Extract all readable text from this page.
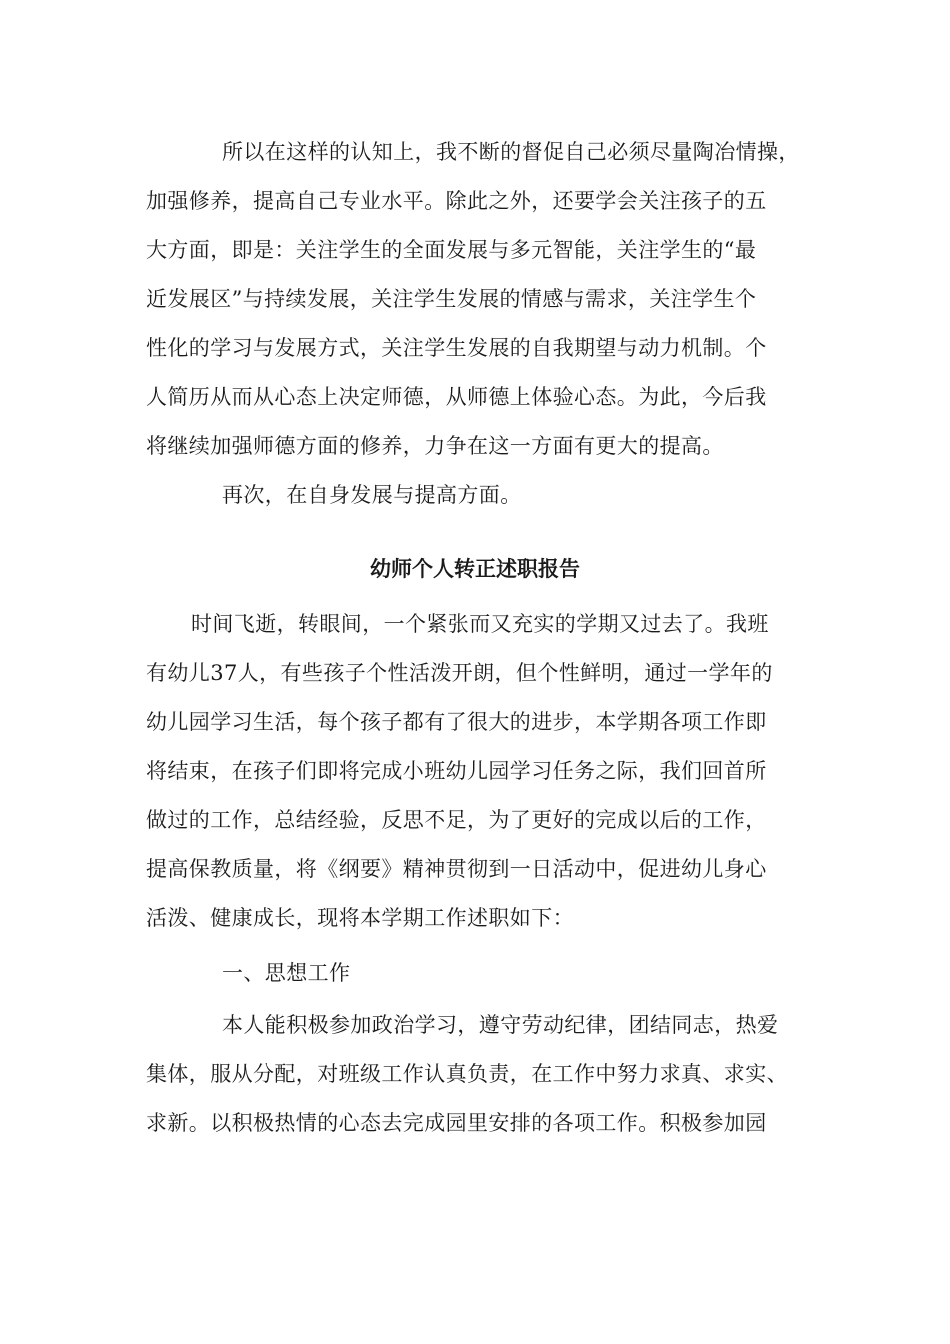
所以在这样的认知上，我不断的督促自己必须尽量陶冶情操，
加强修养，提高自己专业水平。除此之外，还要学会关注孩子的五
大方面，即是：关注学生的全面发展与多元智能，关注学生的“最
近发展区”与持续发展，关注学生发展的情感与需求，关注学生个
性化的学习与发展方式，关注学生发展的自我期望与动力机制。个
人简历从而从心态上决定师德，从师德上体验心态。为此，今后我
将继续加强师德方面的修养，力争在这一方面有更大的提高。
再次，在自身发展与提高方面。
幼师个人转正述职报告
时间飞逝，转眼间，一个紧张而又充实的学期又过去了。我班
有幼儿37人，有些孩子个性活泼开朗，但个性鲜明，通过一学年的
幼儿园学习生活，每个孩子都有了很大的进步，本学期各项工作即
将结束，在孩子们即将完成小班幼儿园学习任务之际，我们回首所
做过的工作，总结经验，反思不足，为了更好的完成以后的工作，
提高保教质量，将《纲要》精神贯彻到一日活动中，促进幼儿身心
活泼、健康成长，现将本学期工作述职如下：
一、思想工作
本人能积极参加政治学习，遵守劳动纪律，团结同志，热爱
集体，服从分配，对班级工作认真负责，在工作中努力求真、求实、
求新。以积极热情的心态去完成园里安排的各项工作。积极参加园
